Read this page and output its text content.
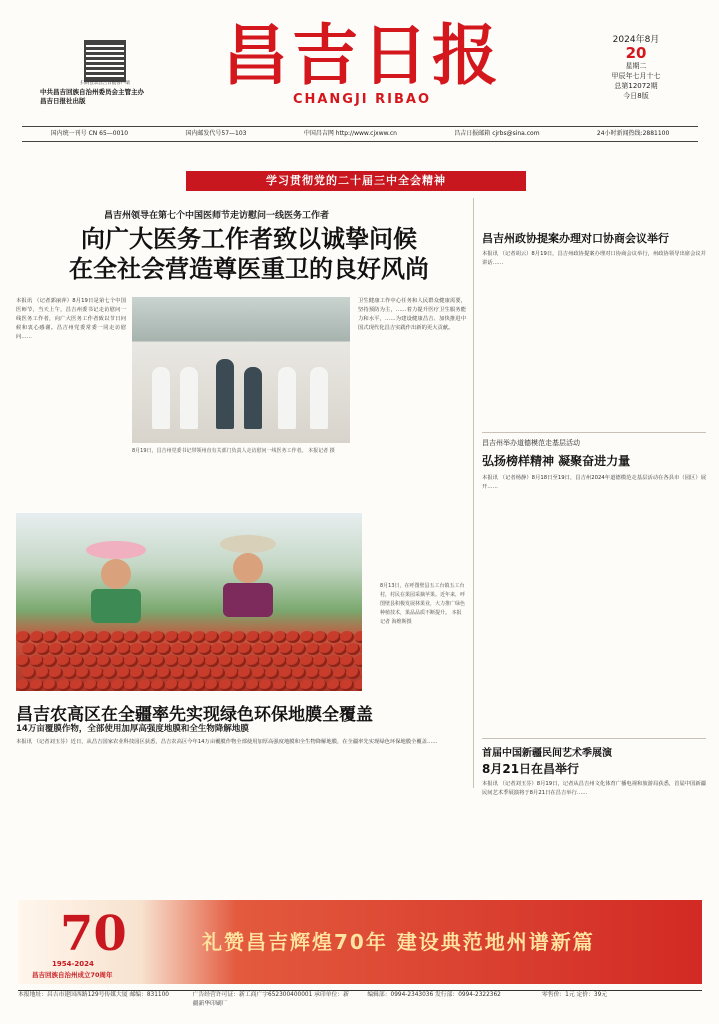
扫码登录昌吉日报客户端
中共昌吉回族自治州委员会主管主办
昌吉日报社出版
昌吉日报
CHANGJI RIBAO
2024年8月
20
星期二
甲辰年七月十七
总第12072期
今日8版
国内统一刊号 CN 65—0010	国内邮发代号57—103	中国昌吉网 http://www.cjxww.cn	昌吉日报邮箱 cjrbs@sina.com	24小时新闻热线:2881100
学习贯彻党的二十届三中全会精神
昌吉州领导在第七个中国医师节走访慰问一线医务工作者
向广大医务工作者致以诚挚问候
在全社会营造尊医重卫的良好风尚
本报讯 （记者郭丽萍）8月19日是第七个中国医师节，当天上午，昌吉州委书记走访慰问一线医务工作者，向广大医务工作者致以节日问候和衷心感谢。昌吉州党委常委一同走访慰问……
8月19日，昌吉州党委书记带领州直有关部门负责人走访慰问一线医务工作者。 本报记者 摄
卫生健康工作中心任务和人民群众健康需要，坚持预防为主，……着力提升医疗卫生服务能力和水平，……为建设健康昌吉、加快推进中国式现代化昌吉实践作出新的更大贡献。
8月13日，在呼图壁县五工台镇五工台村，村民在果园采摘苹果。近年来，呼图壁县积极发展林果业，大力推广绿色种植技术，果品品质不断提升。 本报记者 海维斯摄
昌吉农高区在全疆率先实现绿色环保地膜全覆盖
14万亩覆膜作物，全部使用加厚高强度地膜和全生物降解地膜
本报讯 （记者刘玉芬）近日，从昌吉国家农业科技园区获悉，昌吉农高区今年14万亩覆膜作物全部使用加厚高强度地膜和全生物降解地膜，在全疆率先实现绿色环保地膜全覆盖……
昌吉州政协提案办理对口协商会议举行
本报讯 （记者胡云）8月19日，昌吉州政协提案办理对口协商会议举行，州政协领导出席会议并讲话……
昌吉州举办道德模范走基层活动
弘扬榜样精神 凝聚奋进力量
本报讯 （记者杨静）8月18日至19日，昌吉州2024年道德模范走基层活动在各县市（园区）展开……
首届中国新疆民间艺术季展演
8月21日在昌举行
本报讯 （记者刘玉芬）8月19日，记者从昌吉州文化体育广播电视和旅游局获悉，首届中国新疆民间艺术季展演将于8月21日在昌吉举行……
70
1954-2024
昌吉回族自治州成立70周年
礼赞昌吉辉煌70年 建设典范地州谱新篇
本报地址：昌吉市建国西路129号传媒大厦 邮编：831100	广告经营许可证：新工商广字652300400001 承印单位：新疆新华印刷厂
编辑部：0994-2343036 发行部：0994-2322362	零售价：1元 定价：39元
